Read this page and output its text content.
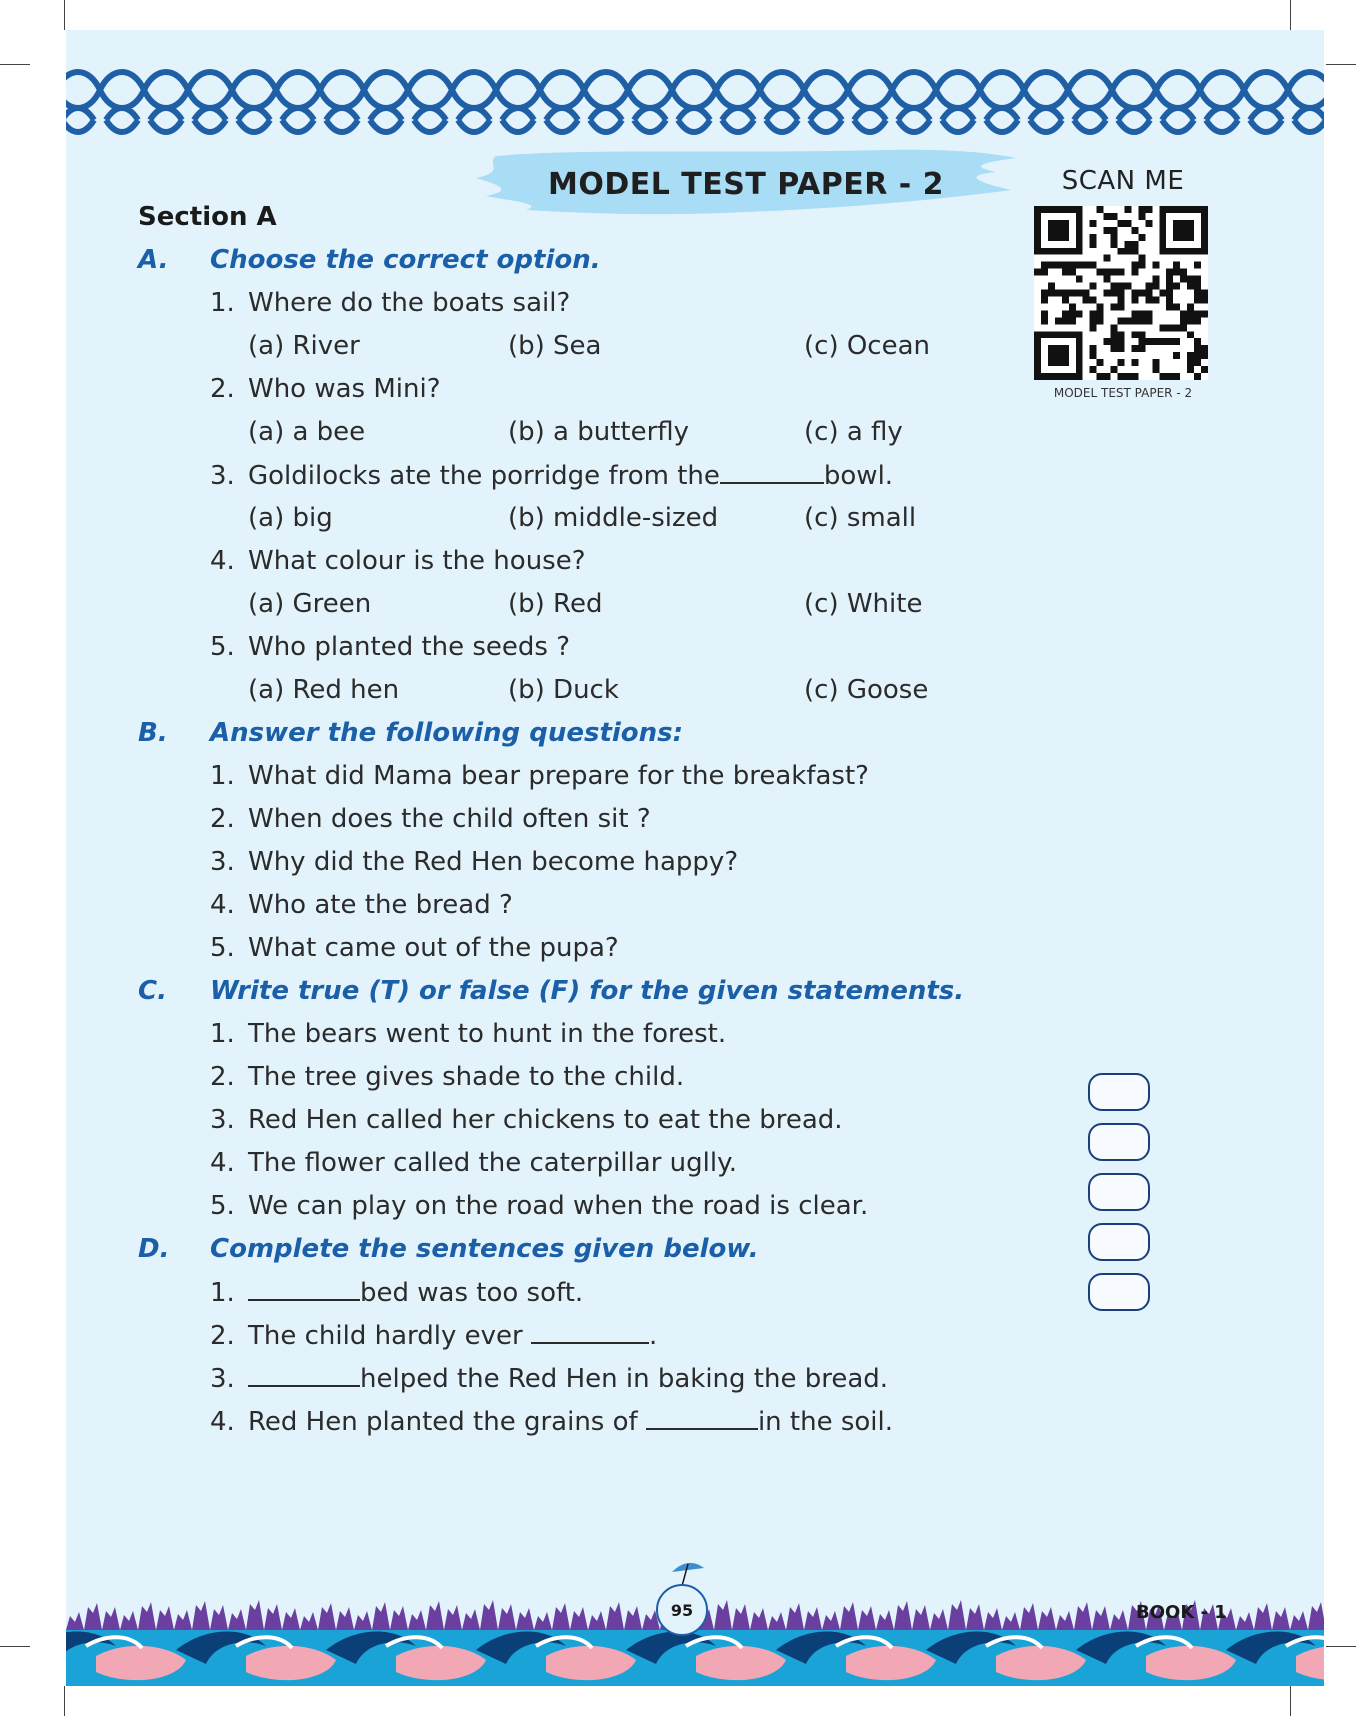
MODEL TEST PAPER - 2	SCAN ME
MODEL TEST PAPER - 2
Section A
A. Choose the correct option.
1. Where do the boats sail?
(a) River	(b) Sea	(c) Ocean
2. Who was Mini?
(a) a bee	(b) a butterfly	(c) a fly
3. Goldilocks ate the porridge from the	bowl.
(a) big	(b) middle-sized	(c) small
4. What colour is the house?
(a) Green	(b) Red	(c) White
5. Who planted the seeds ?
(a) Red hen	(b) Duck	(c) Goose
B. Answer the following questions:
1. What did Mama bear prepare for the breakfast?
2. When does the child often sit ?
3. Why did the Red Hen become happy?
4. Who ate the bread ?
5. What came out of the pupa?
C. Write true (T) or false (F) for the given statements.
1. The bears went to hunt in the forest.
2. The tree gives shade to the child.
3. Red Hen called her chickens to eat the bread.
4. The flower called the caterpillar uglly.
5. We can play on the road when the road is clear.
D. Complete the sentences given below.
1.	bed was too soft.
2. The child hardly ever	.
3.	helped the Red Hen in baking the bread.
4. Red Hen planted the grains of	in the soil.
95	BOOK - 1
